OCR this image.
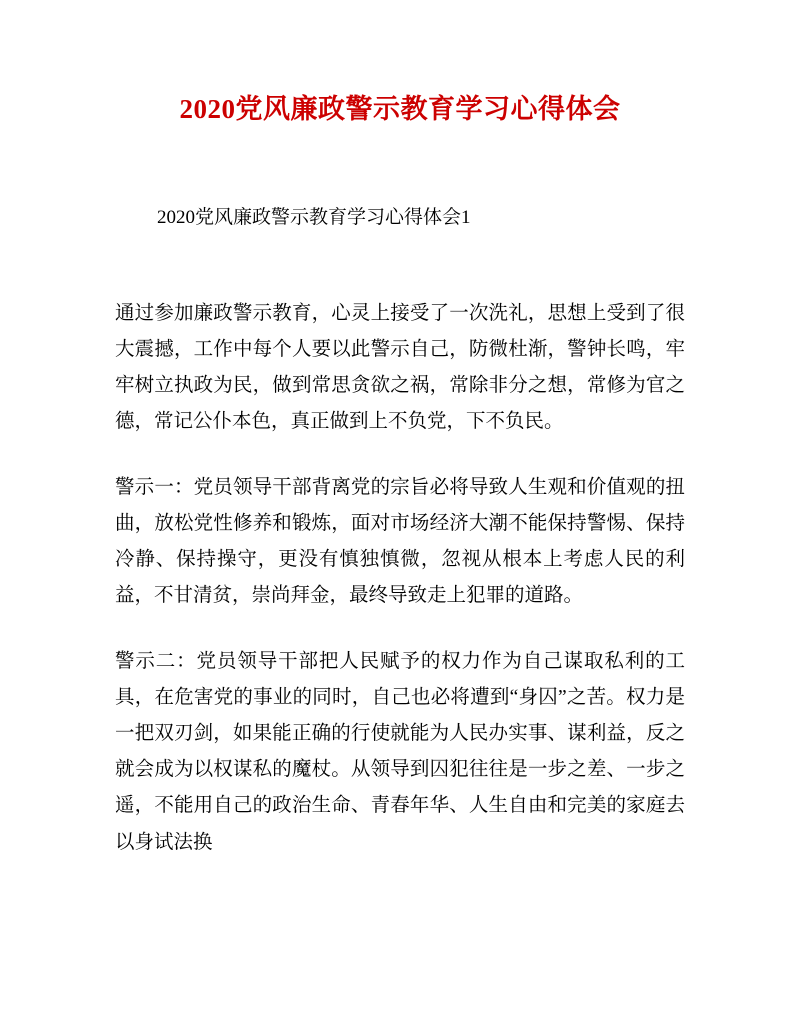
2020党风廉政警示教育学习心得体会
2020党风廉政警示教育学习心得体会1

通过参加廉政警示教育，心灵上接受了一次洗礼，思想上受到了很大震撼，工作中每个人要以此警示自己，防微杜渐，警钟长鸣，牢牢树立执政为民，做到常思贪欲之祸，常除非分之想，常修为官之德，常记公仆本色，真正做到上不负党，下不负民。

警示一：党员领导干部背离党的宗旨必将导致人生观和价值观的扭曲，放松党性修养和锻炼，面对市场经济大潮不能保持警惕、保持冷静、保持操守，更没有慎独慎微，忽视从根本上考虑人民的利益，不甘清贫，崇尚拜金，最终导致走上犯罪的道路。

警示二：党员领导干部把人民赋予的权力作为自己谋取私利的工具，在危害党的事业的同时，自己也必将遭到“身囚”之苦。权力是一把双刃剑，如果能正确的行使就能为人民办实事、谋利益，反之就会成为以权谋私的魔杖。从领导到囚犯往往是一步之差、一步之遥，不能用自己的政治生命、青春年华、人生自由和完美的家庭去以身试法换
